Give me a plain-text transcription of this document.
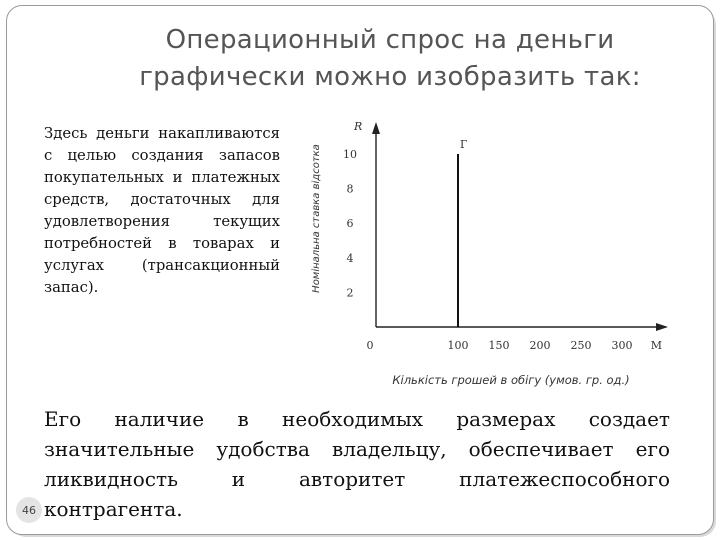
Операционный спрос на деньги
графически можно изобразить так:
Здесь деньги накапливаются с целью создания запасов покупательных и платежных средств, достаточных для удовлетворения текущих потребностей в товарах и услугах (трансакционный запас).
R
M
2
4
6
8
10
0	100 150 200 250 300
Г
Номінальна ставка відсотка
Кількість грошей в обігу (умов. гр. од.)
Его наличие в необходимых размерах создает значительные удобства владельцу, обеспечивает его ликвидность и авторитет платежеспособного контрагента.
46
